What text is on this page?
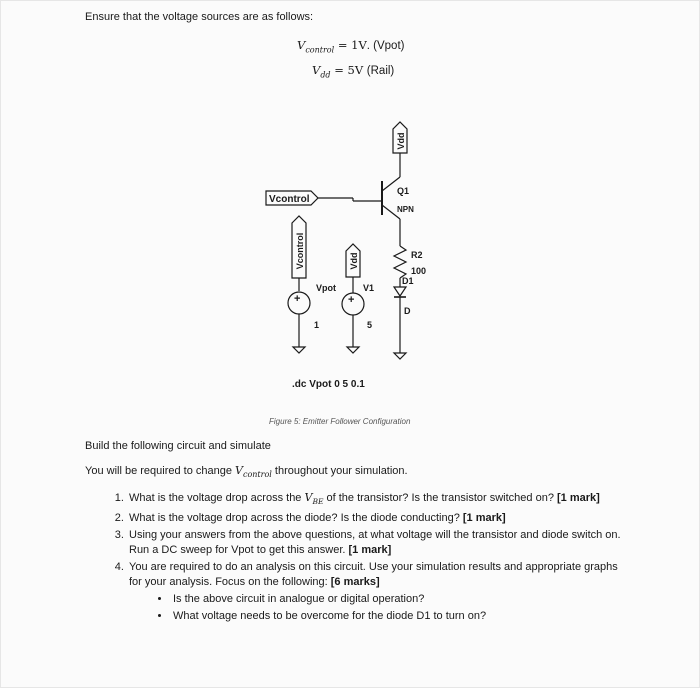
Ensure that the voltage sources are as follows:
$V_{control} = 1V$. (Vpot)
$V_{dd} = 5V$ (Rail)
Vdd
Q1
NPN
Vcontrol
Vcontrol	Vdd
+	+
R2
100
D1
D
Vpot	V1
1	5
.dc Vpot 0 5 0.1
Figure 5: Emitter Follower Configuration
Build the following circuit and simulate
You will be required to change $V_{control}$ throughout your simulation.
1. What is the voltage drop across the $V_{BE}$ of the transistor? Is the transistor switched on? [1 mark]
2. What is the voltage drop across the diode? Is the diode conducting? [1 mark]
3. Using your answers from the above questions, at what voltage will the transistor and diode switch on. Run a DC sweep for Vpot to get this answer. [1 mark]
4. You are required to do an analysis on this circuit. Use your simulation results and appropriate graphs for your analysis. Focus on the following: [6 marks]
• Is the above circuit in analogue or digital operation?
• What voltage needs to be overcome for the diode D1 to turn on?
